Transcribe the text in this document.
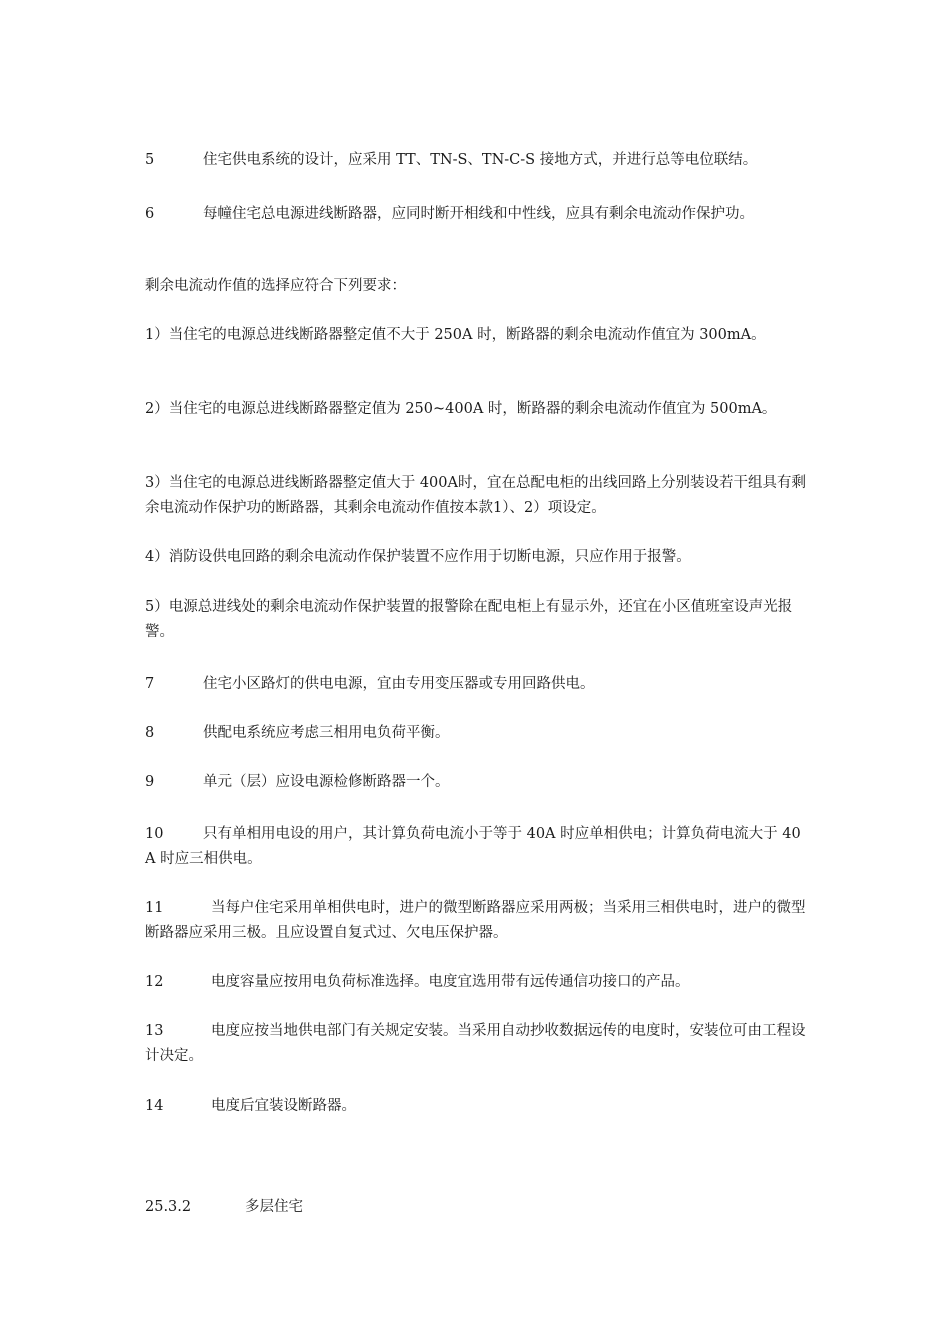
5	住宅供电系统的设计，应采用 TT、TN-S、TN-C-S 接地方式，并进行总等电位联结。

6	每幢住宅总电源进线断路器，应同时断开相线和中性线，应具有剩余电流动作保护功。

剩余电流动作值的选择应符合下列要求：

1）当住宅的电源总进线断路器整定值不大于 250A 时，断路器的剩余电流动作值宜为 300mA。

2）当住宅的电源总进线断路器整定值为 250~400A 时，断路器的剩余电流动作值宜为 500mA。

3）当住宅的电源总进线断路器整定值大于 400A时，宜在总配电柜的出线回路上分别装设若干组具有剩余电流动作保护功的断路器，其剩余电流动作值按本款1）、2）项设定。

4）消防设供电回路的剩余电流动作保护装置不应作用于切断电源，只应作用于报警。

5）电源总进线处的剩余电流动作保护装置的报警除在配电柜上有显示外，还宜在小区值班室设声光报警。

7	住宅小区路灯的供电电源，宜由专用变压器或专用回路供电。

8	供配电系统应考虑三相用电负荷平衡。

9	单元（层）应设电源检修断路器一个。

10	只有单相用电设的用户，其计算负荷电流小于等于 40A 时应单相供电；计算负荷电流大于 40A 时应三相供电。

11	当每户住宅采用单相供电时，进户的微型断路器应采用两极；当采用三相供电时，进户的微型断路器应采用三极。且应设置自复式过、欠电压保护器。

12	电度容量应按用电负荷标准选择。电度宜选用带有远传通信功接口的产品。

13	电度应按当地供电部门有关规定安装。当采用自动抄收数据远传的电度时，安装位可由工程设计决定。

14	电度后宜装设断路器。

25.3.2	多层住宅
